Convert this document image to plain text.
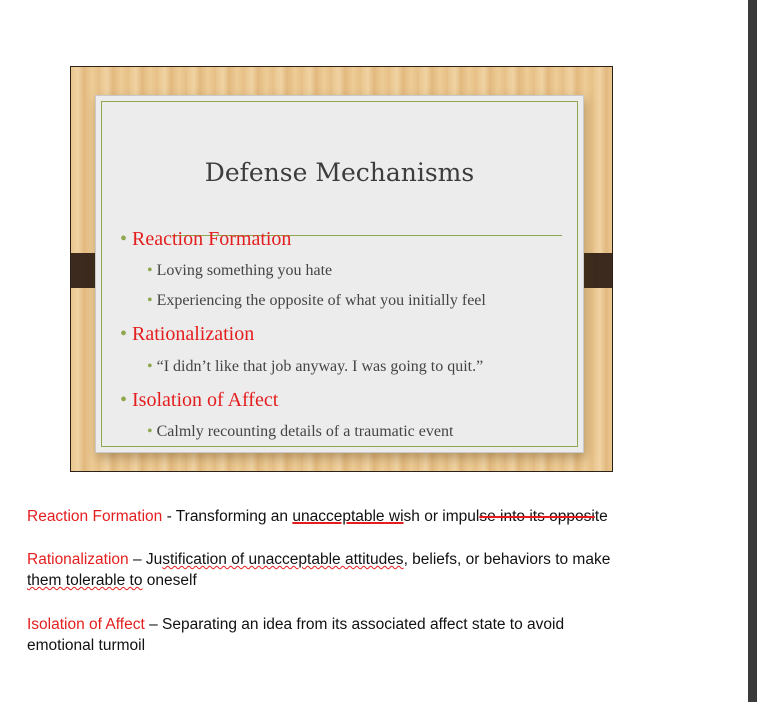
Defense Mechanisms
• Reaction Formation
• Loving something you hate
• Experiencing the opposite of what you initially feel
• Rationalization
• “I didn’t like that job anyway. I was going to quit.”
• Isolation of Affect
• Calmly recounting details of a traumatic event
Reaction Formation - Transforming an unacceptable wish or impulse into its opposite
Rationalization – Justification of unacceptable attitudes, beliefs, or behaviors to make
them tolerable to oneself
Isolation of Affect – Separating an idea from its associated affect state to avoid
emotional turmoil
